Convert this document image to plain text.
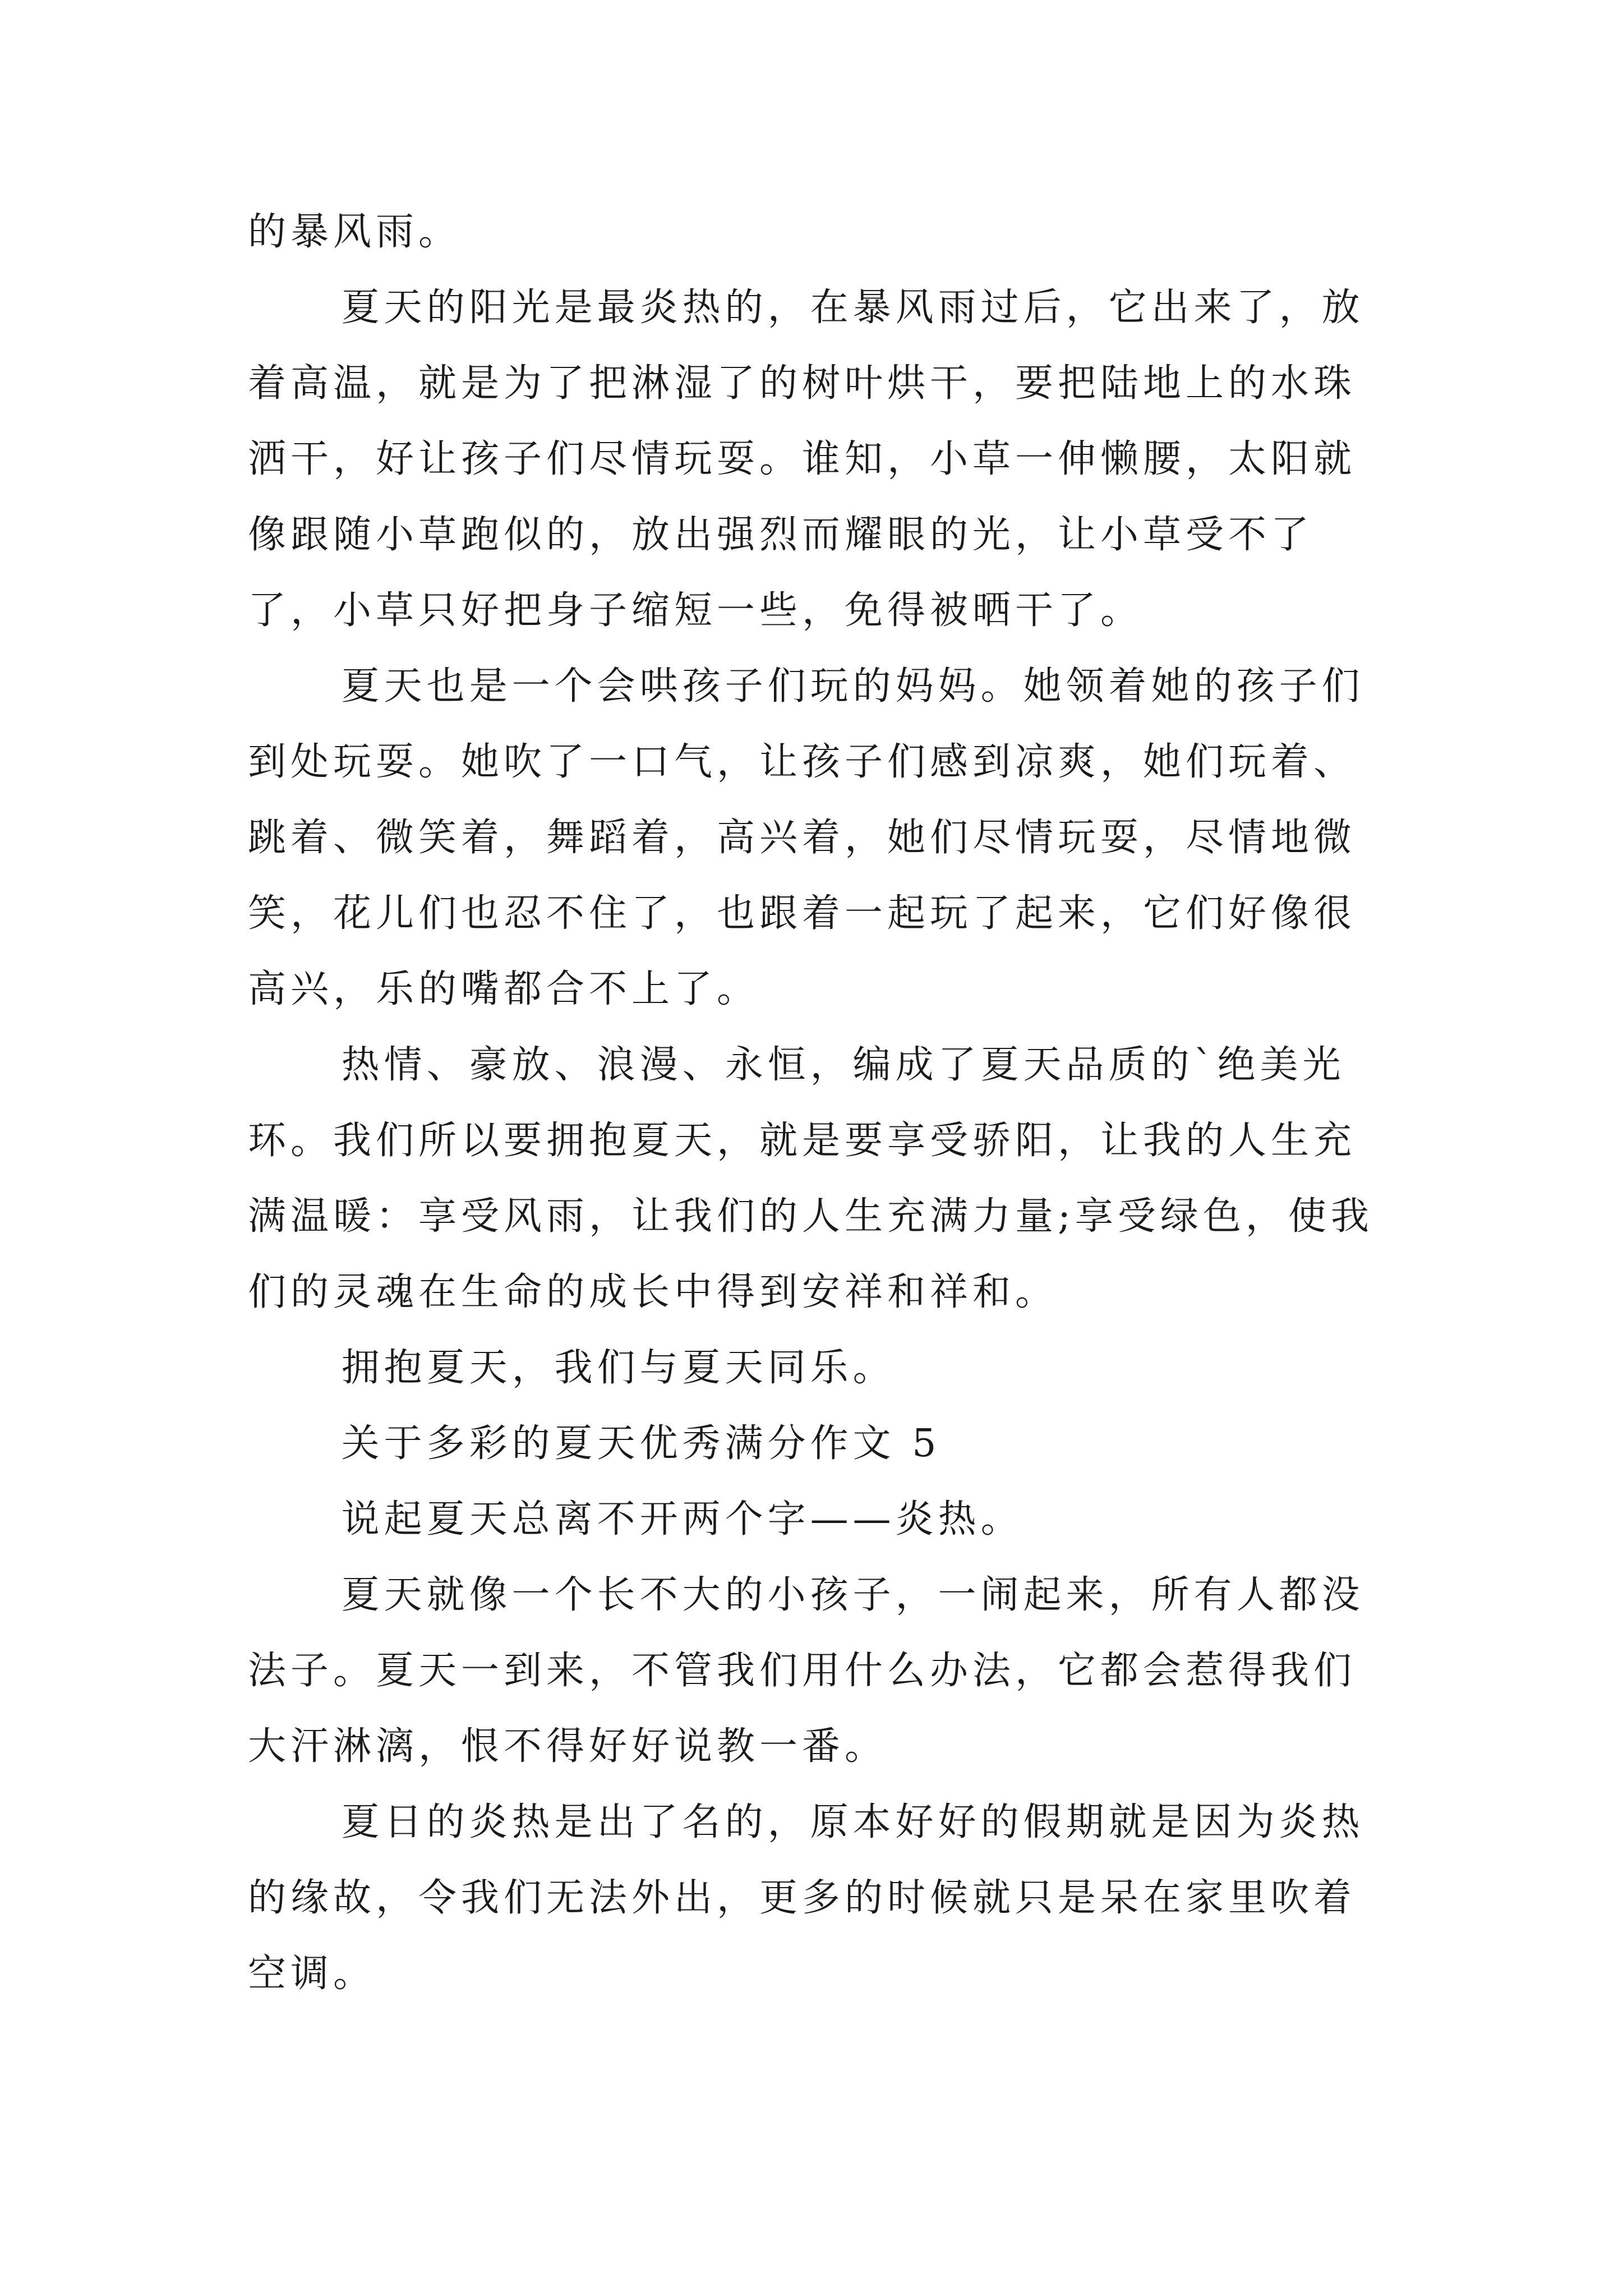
的暴风雨。

夏天的阳光是最炎热的，在暴风雨过后，它出来了，放着高温，就是为了把淋湿了的树叶烘干，要把陆地上的水珠洒干，好让孩子们尽情玩耍。谁知，小草一伸懒腰，太阳就像跟随小草跑似的，放出强烈而耀眼的光，让小草受不了了，小草只好把身子缩短一些，免得被晒干了。

夏天也是一个会哄孩子们玩的妈妈。她领着她的孩子们到处玩耍。她吹了一口气，让孩子们感到凉爽，她们玩着、跳着、微笑着，舞蹈着，高兴着，她们尽情玩耍，尽情地微笑，花儿们也忍不住了，也跟着一起玩了起来，它们好像很高兴，乐的嘴都合不上了。

热情、豪放、浪漫、永恒，编成了夏天品质的`绝美光环。我们所以要拥抱夏天，就是要享受骄阳，让我的人生充满温暖：享受风雨，让我们的人生充满力量;享受绿色，使我们的灵魂在生命的成长中得到安祥和祥和。

拥抱夏天，我们与夏天同乐。

关于多彩的夏天优秀满分作文 5

说起夏天总离不开两个字——炎热。

夏天就像一个长不大的小孩子，一闹起来，所有人都没法子。夏天一到来，不管我们用什么办法，它都会惹得我们大汗淋漓，恨不得好好说教一番。

夏日的炎热是出了名的，原本好好的假期就是因为炎热的缘故，令我们无法外出，更多的时候就只是呆在家里吹着空调。
